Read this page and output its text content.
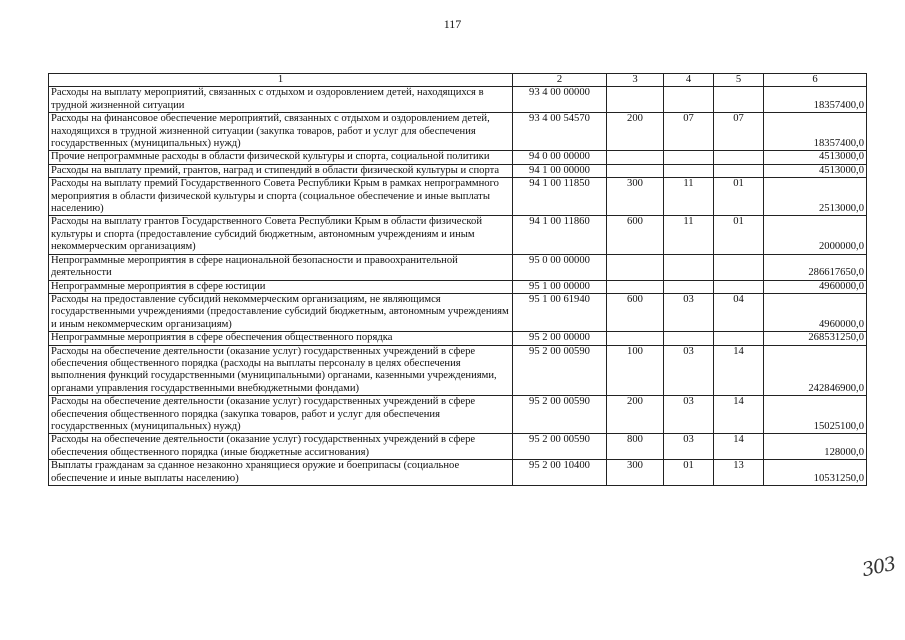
117
1	2	3	4	5	6
Расходы на выплату мероприятий, связанных с отдыхом и оздоровлением детей, находящихся в трудной жизненной ситуации	93 4 00 00000				18357400,0
Расходы на финансовое обеспечение мероприятий, связанных с отдыхом и оздоровлением детей, находящихся в трудной жизненной ситуации (закупка товаров, работ и услуг для обеспечения государственных (муниципальных) нужд)	93 4 00 54570	200	07	07	18357400,0
Прочие непрограммные расходы в области физической культуры и спорта, социальной политики	94 0 00 00000				4513000,0
Расходы на выплату премий, грантов, наград и стипендий в области физической культуры и спорта	94 1 00 00000				4513000,0
Расходы на выплату премий Государственного Совета Республики Крым в рамках непрограммного мероприятия в области физической культуры и спорта (социальное обеспечение и иные выплаты населению)	94 1 00 11850	300	11	01	2513000,0
Расходы на выплату грантов Государственного Совета Республики Крым в области физической культуры и спорта (предоставление субсидий бюджетным, автономным учреждениям и иным некоммерческим организациям)	94 1 00 11860	600	11	01	2000000,0
Непрограммные мероприятия в сфере национальной безопасности и правоохранительной деятельности	95 0 00 00000				286617650,0
Непрограммные мероприятия в сфере юстиции	95 1 00 00000				4960000,0
Расходы на предоставление субсидий некоммерческим организациям, не являющимся государственными учреждениями (предоставление субсидий бюджетным, автономным учреждениям и иным некоммерческим организациям)	95 1 00 61940	600	03	04	4960000,0
Непрограммные мероприятия в сфере обеспечения общественного порядка	95 2 00 00000				268531250,0
Расходы на обеспечение деятельности (оказание услуг) государственных учреждений в сфере обеспечения общественного порядка (расходы на выплаты персоналу в целях обеспечения выполнения функций государственными (муниципальными) органами, казенными учреждениями, органами управления государственными внебюджетными фондами)	95 2 00 00590	100	03	14	242846900,0
Расходы на обеспечение деятельности (оказание услуг) государственных учреждений в сфере обеспечения общественного порядка (закупка товаров, работ и услуг для обеспечения государственных (муниципальных) нужд)	95 2 00 00590	200	03	14	15025100,0
Расходы на обеспечение деятельности (оказание услуг) государственных учреждений в сфере обеспечения общественного порядка (иные бюджетные ассигнования)	95 2 00 00590	800	03	14	128000,0
Выплаты гражданам за сданное незаконно хранящиеся оружие и боеприпасы (социальное обеспечение и иные выплаты населению)	95 2 00 10400	300	01	13	10531250,0
303
